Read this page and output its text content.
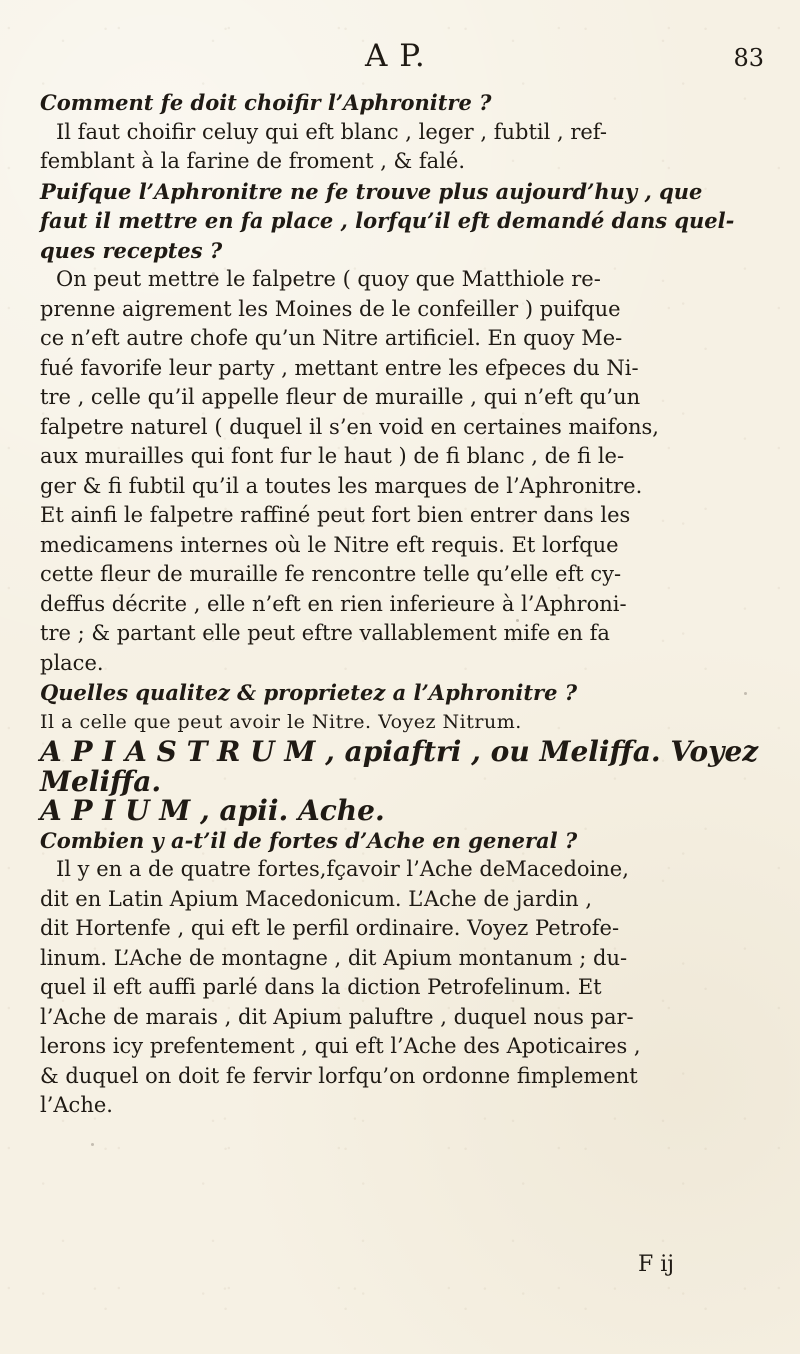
A P.	83
Comment fe doit choifir l’Aphronitre ?
Il faut choifir celuy qui eft blanc , leger , fubtil , ref-
femblant à la farine de froment , & falé.
Puifque l’Aphronitre ne fe trouve plus aujourd’huy , que
faut il mettre en fa place , lorfqu’il eft demandé dans quel-
ques receptes ?
On peut mettre le falpetre ( quoy que Matthiole re-
prenne aigrement les Moines de le confeiller ) puifque
ce n’eft autre chofe qu’un Nitre artificiel. En quoy Me-
fué favorife leur party , mettant entre les efpeces du Ni-
tre , celle qu’il appelle fleur de muraille , qui n’eft qu’un
falpetre naturel ( duquel il s’en void en certaines maifons,
aux murailles qui font fur le haut ) de fi blanc , de fi le-
ger & fi fubtil qu’il a toutes les marques de l’Aphronitre.
Et ainfi le falpetre raffiné peut fort bien entrer dans les
medicamens internes où le Nitre eft requis. Et lorfque
cette fleur de muraille fe rencontre telle qu’elle eft cy-
deffus décrite , elle n’eft en rien inferieure à l’Aphroni-
tre ; & partant elle peut eftre vallablement mife en fa
place.
Quelles qualitez & proprietez a l’Aphronitre ?
Il a celle que peut avoir le Nitre. Voyez Nitrum.
A P I A S T R U M , apiaftri , ou Meliffa. Voyez
Meliffa.
A P I U M , apii. Ache.
Combien y a-t’il de fortes d’Ache en general ?
Il y en a de quatre fortes,fçavoir l’Ache deMacedoine,
dit en Latin Apium Macedonicum. L’Ache de jardin ,
dit Hortenfe , qui eft le perfil ordinaire. Voyez Petrofe-
linum. L’Ache de montagne , dit Apium montanum ; du-
quel il eft auffi parlé dans la diction Petrofelinum. Et
l’Ache de marais , dit Apium paluftre , duquel nous par-
lerons icy prefentement , qui eft l’Ache des Apoticaires ,
& duquel on doit fe fervir lorfqu’on ordonne fimplement
l’Ache.
F ij
